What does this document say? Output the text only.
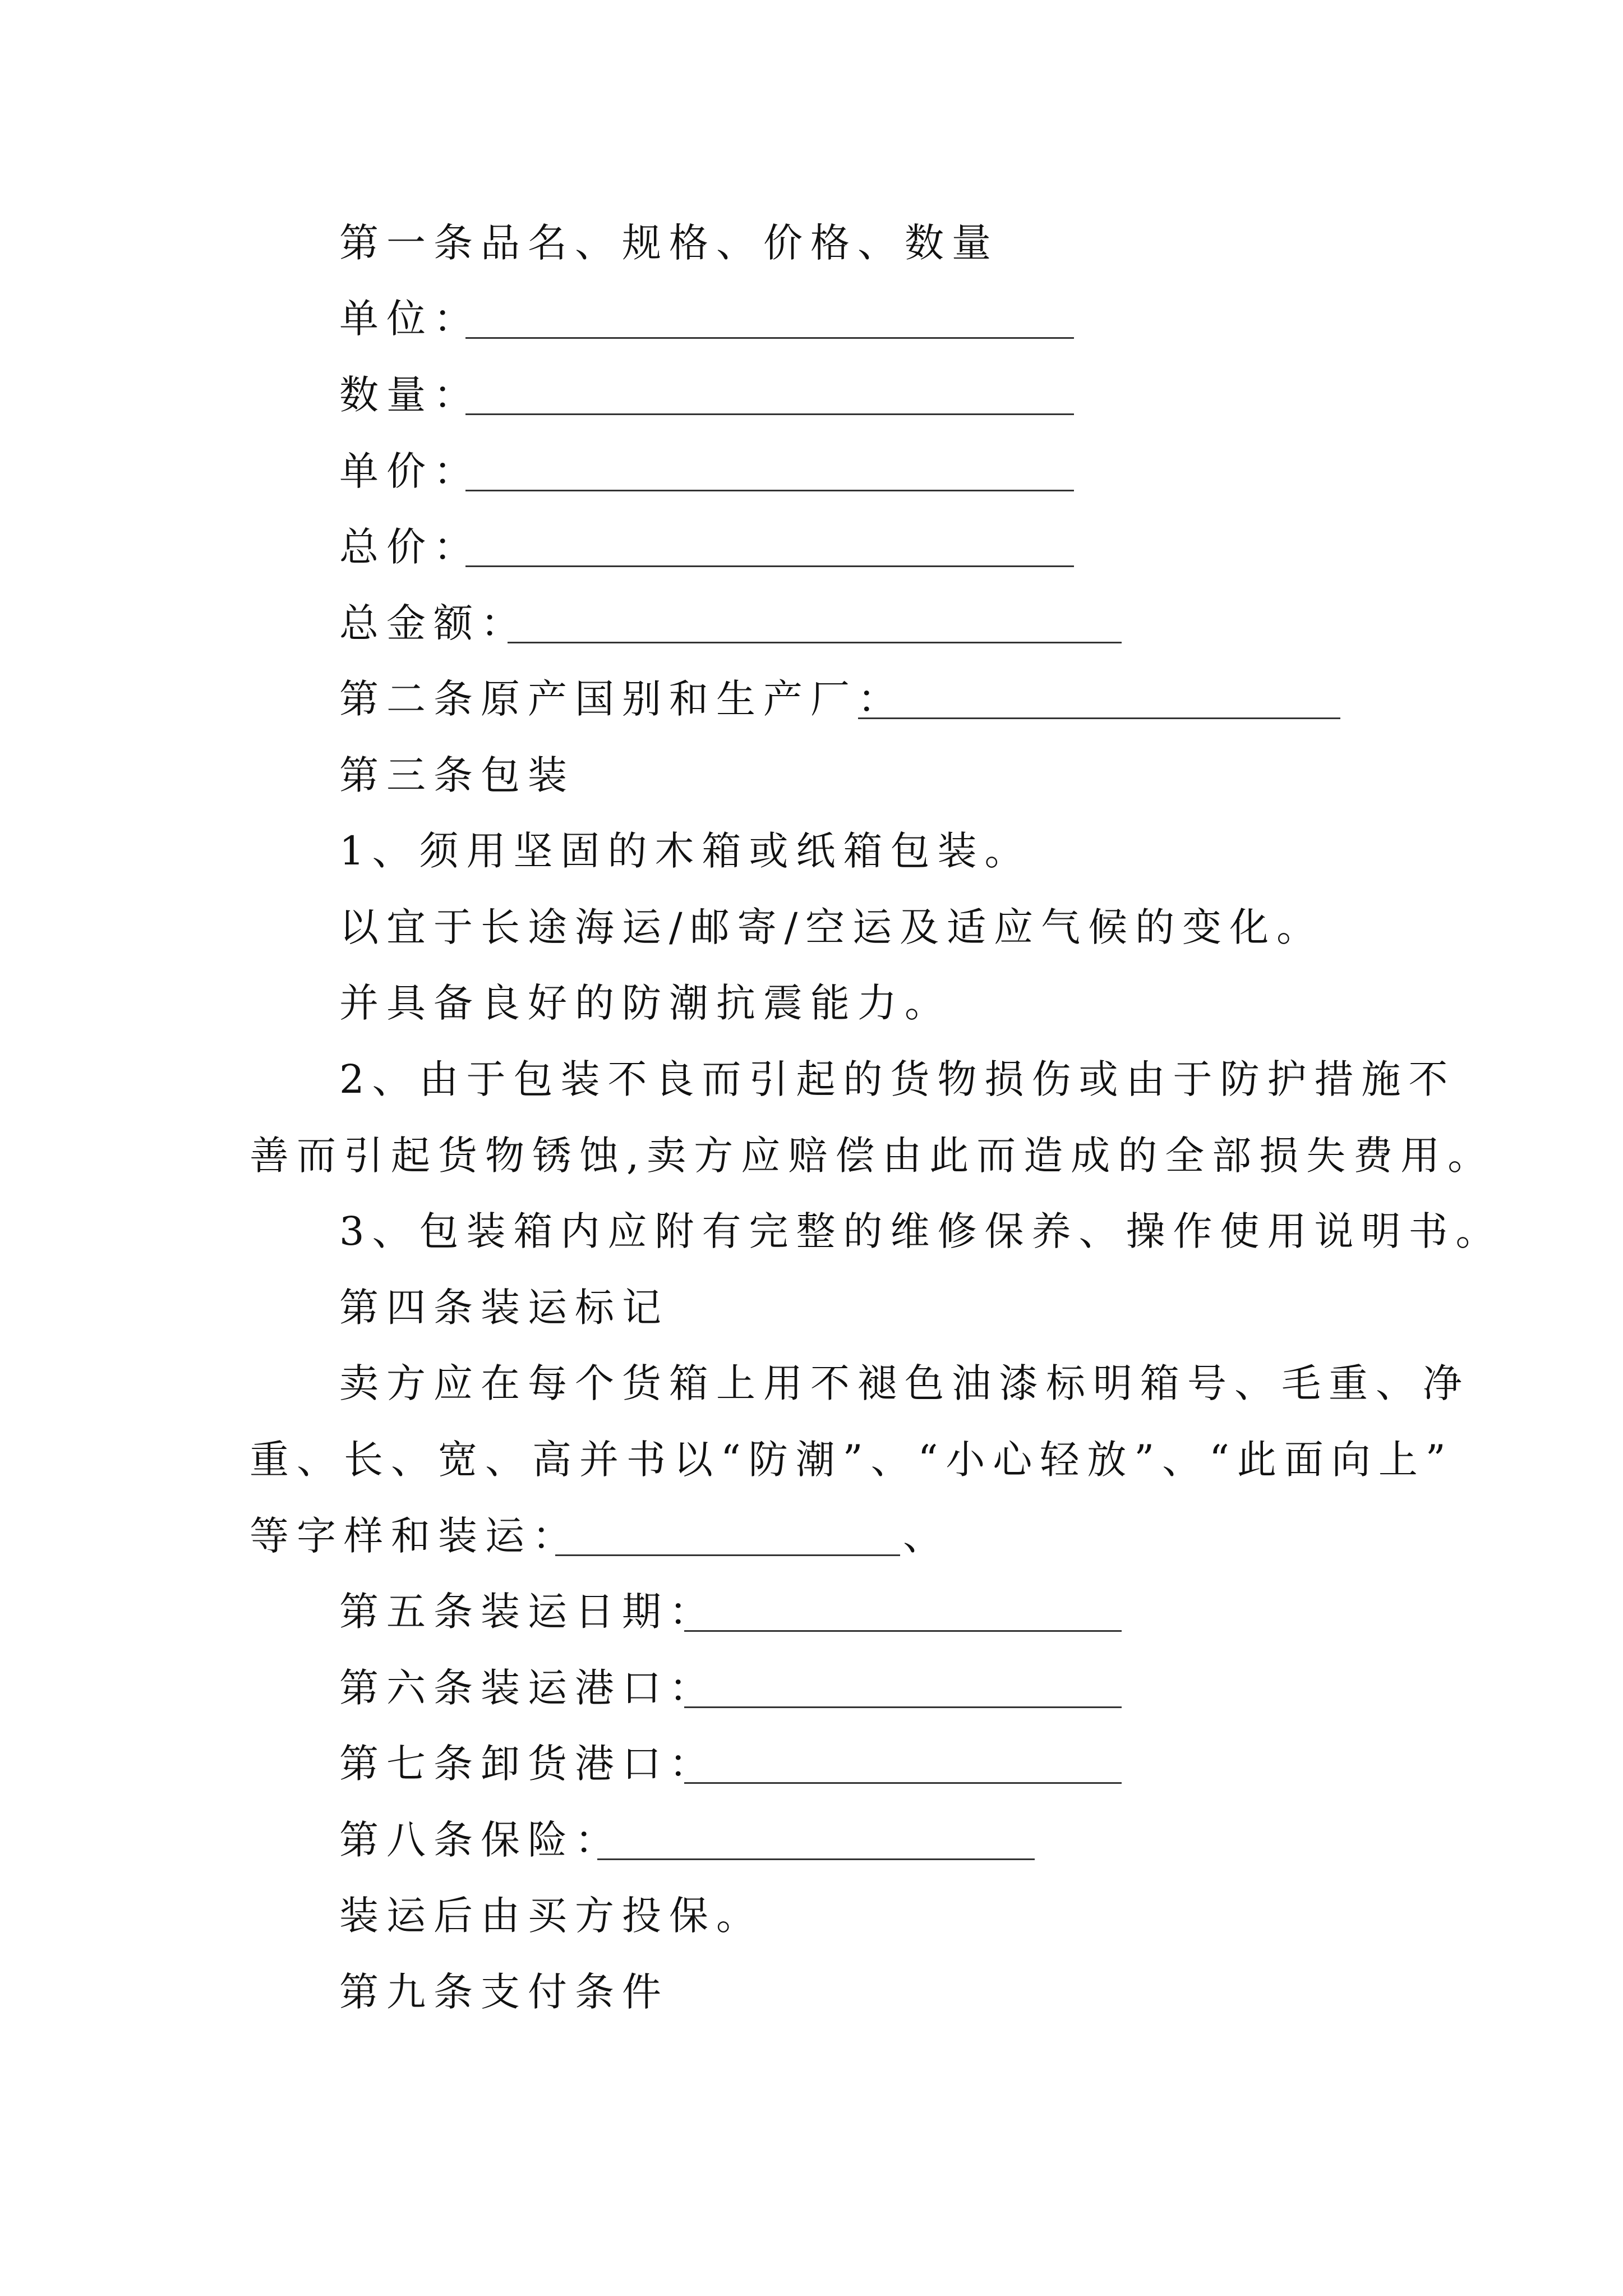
第一条品名、规格、价格、数量
单位：
数量：
单价：
总价：
总金额：
第二条原产国别和生产厂：
第三条包装
1、须用坚固的木箱或纸箱包装。
以宜于长途海运/邮寄/空运及适应气候的变化。
并具备良好的防潮抗震能力。
2、由于包装不良而引起的货物损伤或由于防护措施不
善而引起货物锈蚀,卖方应赔偿由此而造成的全部损失费用。
3、包装箱内应附有完整的维修保养、操作使用说明书。
第四条装运标记
卖方应在每个货箱上用不褪色油漆标明箱号、毛重、净
重、长、宽、高并书以“防潮”、“小心轻放”、“此面向上”
等字样和装运：	、
第五条装运日期：
第六条装运港口：
第七条卸货港口：
第八条保险：
装运后由买方投保。
第九条支付条件
